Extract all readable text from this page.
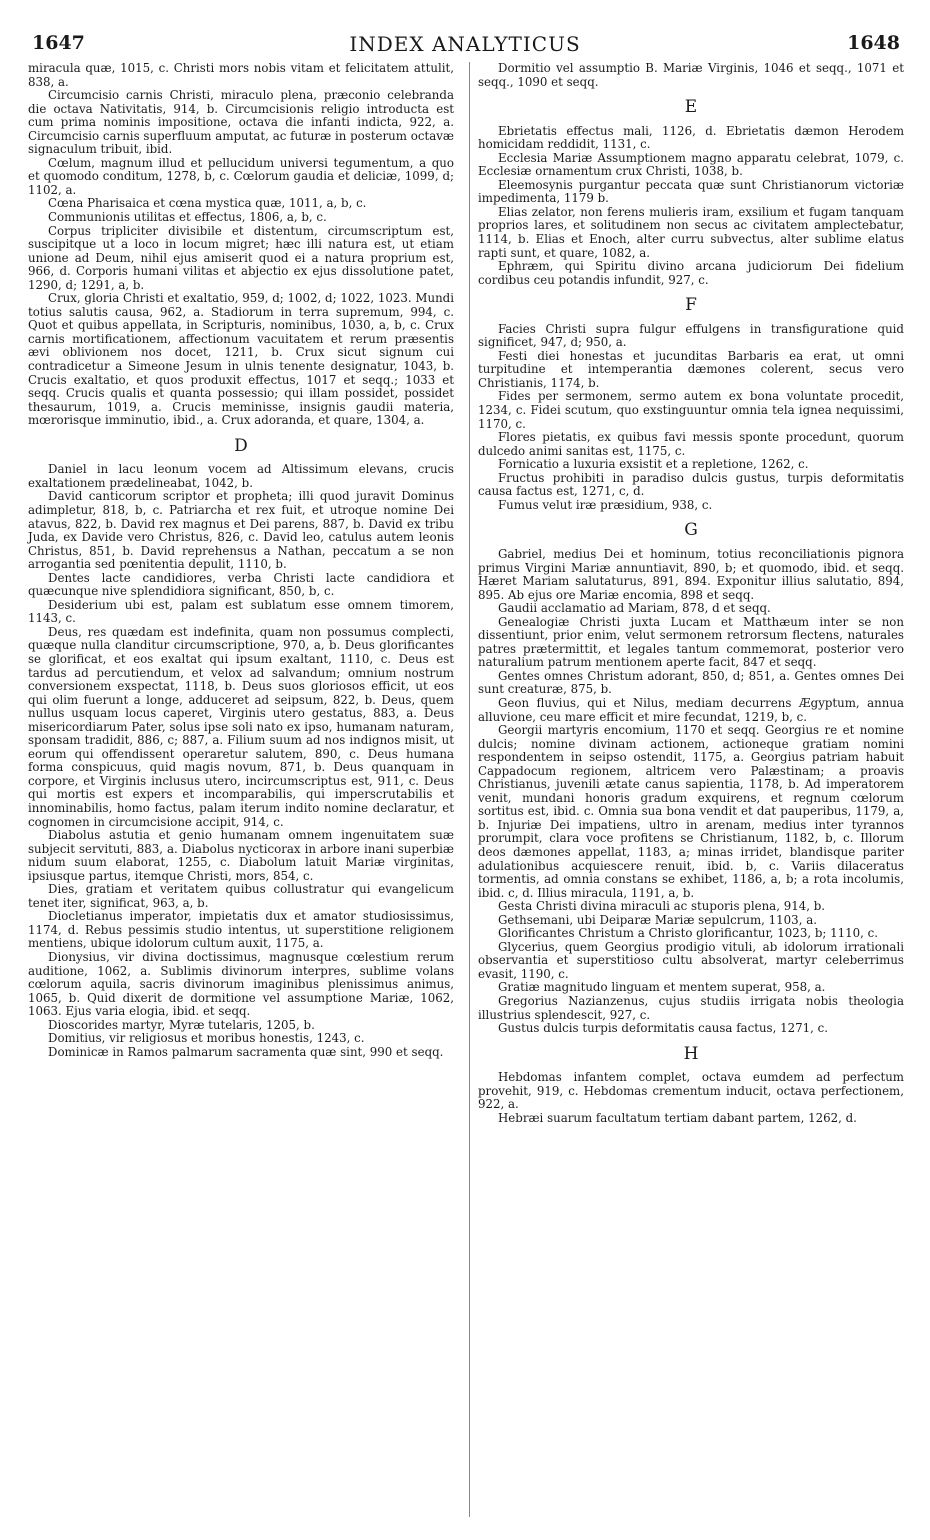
1647	INDEX ANALYTICUS	1648

miracula quæ, 1015, c. Christi mors nobis vitam et felicitatem attulit, 838, a.

Circumcisio carnis Christi, miraculo plena, præconio celebranda die octava Nativitatis, 914, b. Circumcisionis religio introducta est cum prima nominis impositione, octava die infanti indicta, 922, a. Circumcisio carnis superfluum amputat, ac futuræ in posterum octavæ signaculum tribuit, ibid.

Cœlum, magnum illud et pellucidum universi tegumentum, a quo et quomodo conditum, 1278, b, c. Cœlorum gaudia et deliciæ, 1099, d; 1102, a.

Cœna Pharisaica et cœna mystica quæ, 1011, a, b, c.

Communionis utilitas et effectus, 1806, a, b, c.

Corpus tripliciter divisibile et distentum, circumscriptum est, suscipitque ut a loco in locum migret; hæc illi natura est, ut etiam unione ad Deum, nihil ejus amiserit quod ei a natura proprium est, 966, d. Corporis humani vilitas et abjectio ex ejus dissolutione patet, 1290, d; 1291, a, b.

Crux, gloria Christi et exaltatio, 959, d; 1002, d; 1022, 1023. Mundi totius salutis causa, 962, a. Stadiorum in terra supremum, 994, c. Quot et quibus appellata, in Scripturis, nominibus, 1030, a, b, c. Crux carnis mortificationem, affectionum vacuitatem et rerum præsentis ævi oblivionem nos docet, 1211, b. Crux sicut signum cui contradicetur a Simeone Jesum in ulnis tenente designatur, 1043, b. Crucis exaltatio, et quos produxit effectus, 1017 et seqq.; 1033 et seqq. Crucis qualis et quanta possessio; qui illam possidet, possidet thesaurum, 1019, a. Crucis meminisse, insignis gaudii materia, mœrorisque imminutio, ibid., a. Crux adoranda, et quare, 1304, a.

D

Daniel in lacu leonum vocem ad Altissimum elevans, crucis exaltationem prædelineabat, 1042, b.

David canticorum scriptor et propheta; illi quod juravit Dominus adimpletur, 818, b, c. Patriarcha et rex fuit, et utroque nomine Dei atavus, 822, b. David rex magnus et Dei parens, 887, b. David ex tribu Juda, ex Davide vero Christus, 826, c. David leo, catulus autem leonis Christus, 851, b. David reprehensus a Nathan, peccatum a se non arrogantia sed pœnitentia depulit, 1110, b.

Dentes lacte candidiores, verba Christi lacte candidiora et quæcunque nive splendidiora significant, 850, b, c.

Desiderium ubi est, palam est sublatum esse omnem timorem, 1143, c.

Deus, res quædam est indefinita, quam non possumus complecti, quæque nulla clanditur circumscriptione, 970, a, b. Deus glorificantes se glorificat, et eos exaltat qui ipsum exaltant, 1110, c. Deus est tardus ad percutiendum, et velox ad salvandum; omnium nostrum conversionem exspectat, 1118, b. Deus suos gloriosos efficit, ut eos qui olim fuerunt a longe, adduceret ad seipsum, 822, b. Deus, quem nullus usquam locus caperet, Virginis utero gestatus, 883, a. Deus misericordiarum Pater, solus ipse soli nato ex ipso, humanam naturam, sponsam tradidit, 886, c; 887, a. Filium suum ad nos indignos misit, ut eorum qui offendissent operaretur salutem, 890, c. Deus humana forma conspicuus, quid magis novum, 871, b. Deus quanquam in corpore, et Virginis inclusus utero, incircumscriptus est, 911, c. Deus qui mortis est expers et incomparabilis, qui imperscrutabilis et innominabilis, homo factus, palam iterum indito nomine declaratur, et cognomen in circumcisione accipit, 914, c.

Diabolus astutia et genio humanam omnem ingenuitatem suæ subjecit servituti, 883, a. Diabolus nycticorax in arbore inani superbiæ nidum suum elaborat, 1255, c. Diabolum latuit Mariæ virginitas, ipsiusque partus, itemque Christi, mors, 854, c.

Dies, gratiam et veritatem quibus collustratur qui evangelicum tenet iter, significat, 963, a, b.

Diocletianus imperator, impietatis dux et amator studiosissimus, 1174, d. Rebus pessimis studio intentus, ut superstitione religionem mentiens, ubique idolorum cultum auxit, 1175, a.

Dionysius, vir divina doctissimus, magnusque cœlestium rerum auditione, 1062, a. Sublimis divinorum interpres, sublime volans cœlorum aquila, sacris divinorum imaginibus plenissimus animus, 1065, b. Quid dixerit de dormitione vel assumptione Mariæ, 1062, 1063. Ejus varia elogia, ibid. et seqq.

Dioscorides martyr, Myræ tutelaris, 1205, b.

Domitius, vir religiosus et moribus honestis, 1243, c.

Dominicæ in Ramos palmarum sacramenta quæ sint, 990 et seqq.

Dormitio vel assumptio B. Mariæ Virginis, 1046 et seqq., 1071 et seqq., 1090 et seqq.

E

Ebrietatis effectus mali, 1126, d. Ebrietatis dæmon Herodem homicidam reddidit, 1131, c.

Ecclesia Mariæ Assumptionem magno apparatu celebrat, 1079, c. Ecclesiæ ornamentum crux Christi, 1038, b.

Eleemosynis purgantur peccata quæ sunt Christianorum victoriæ impedimenta, 1179 b.

Elias zelator, non ferens mulieris iram, exsilium et fugam tanquam proprios lares, et solitudinem non secus ac civitatem amplectebatur, 1114, b. Elias et Enoch, alter curru subvectus, alter sublime elatus rapti sunt, et quare, 1082, a.

Ephræm, qui Spiritu divino arcana judiciorum Dei fidelium cordibus ceu potandis infundit, 927, c.

F

Facies Christi supra fulgur effulgens in transfiguratione quid significet, 947, d; 950, a.

Festi diei honestas et jucunditas Barbaris ea erat, ut omni turpitudine et intemperantia dæmones colerent, secus vero Christianis, 1174, b.

Fides per sermonem, sermo autem ex bona voluntate procedit, 1234, c. Fidei scutum, quo exstinguuntur omnia tela ignea nequissimi, 1170, c.

Flores pietatis, ex quibus favi messis sponte procedunt, quorum dulcedo animi sanitas est, 1175, c.

Fornicatio a luxuria exsistit et a repletione, 1262, c.

Fructus prohibiti in paradiso dulcis gustus, turpis deformitatis causa factus est, 1271, c, d.

Fumus velut iræ præsidium, 938, c.

G

Gabriel, medius Dei et hominum, totius reconciliationis pignora primus Virgini Mariæ annuntiavit, 890, b; et quomodo, ibid. et seqq. Hæret Mariam salutaturus, 891, 894. Exponitur illius salutatio, 894, 895. Ab ejus ore Mariæ encomia, 898 et seqq.

Gaudii acclamatio ad Mariam, 878, d et seqq.

Genealogiæ Christi juxta Lucam et Matthæum inter se non dissentiunt, prior enim, velut sermonem retrorsum flectens, naturales patres prætermittit, et legales tantum commemorat, posterior vero naturalium patrum mentionem aperte facit, 847 et seqq.

Gentes omnes Christum adorant, 850, d; 851, a. Gentes omnes Dei sunt creaturæ, 875, b.

Geon fluvius, qui et Nilus, mediam decurrens Ægyptum, annua alluvione, ceu mare efficit et mire fecundat, 1219, b, c.

Georgii martyris encomium, 1170 et seqq. Georgius re et nomine dulcis; nomine divinam actionem, actioneque gratiam nomini respondentem in seipso ostendit, 1175, a. Georgius patriam habuit Cappadocum regionem, altricem vero Palæstinam; a proavis Christianus, juvenili ætate canus sapientia, 1178, b. Ad imperatorem venit, mundani honoris gradum exquirens, et regnum cœlorum sortitus est, ibid. c. Omnia sua bona vendit et dat pauperibus, 1179, a, b. Injuriæ Dei impatiens, ultro in arenam, medius inter tyrannos prorumpit, clara voce profitens se Christianum, 1182, b, c. Illorum deos dæmones appellat, 1183, a; minas irridet, blandisque pariter adulationibus acquiescere renuit, ibid. b, c. Variis dilaceratus tormentis, ad omnia constans se exhibet, 1186, a, b; a rota incolumis, ibid. c, d. Illius miracula, 1191, a, b.

Gesta Christi divina miraculi ac stuporis plena, 914, b.

Gethsemani, ubi Deiparæ Mariæ sepulcrum, 1103, a.

Glorificantes Christum a Christo glorificantur, 1023, b; 1110, c.

Glycerius, quem Georgius prodigio vituli, ab idolorum irrationali observantia et superstitioso cultu absolverat, martyr celeberrimus evasit, 1190, c.

Gratiæ magnitudo linguam et mentem superat, 958, a.

Gregorius Nazianzenus, cujus studiis irrigata nobis theologia illustrius splendescit, 927, c.

Gustus dulcis turpis deformitatis causa factus, 1271, c.

H

Hebdomas infantem complet, octava eumdem ad perfectum provehit, 919, c. Hebdomas crementum inducit, octava perfectionem, 922, a.

Hebræi suarum facultatum tertiam dabant partem, 1262, d.
